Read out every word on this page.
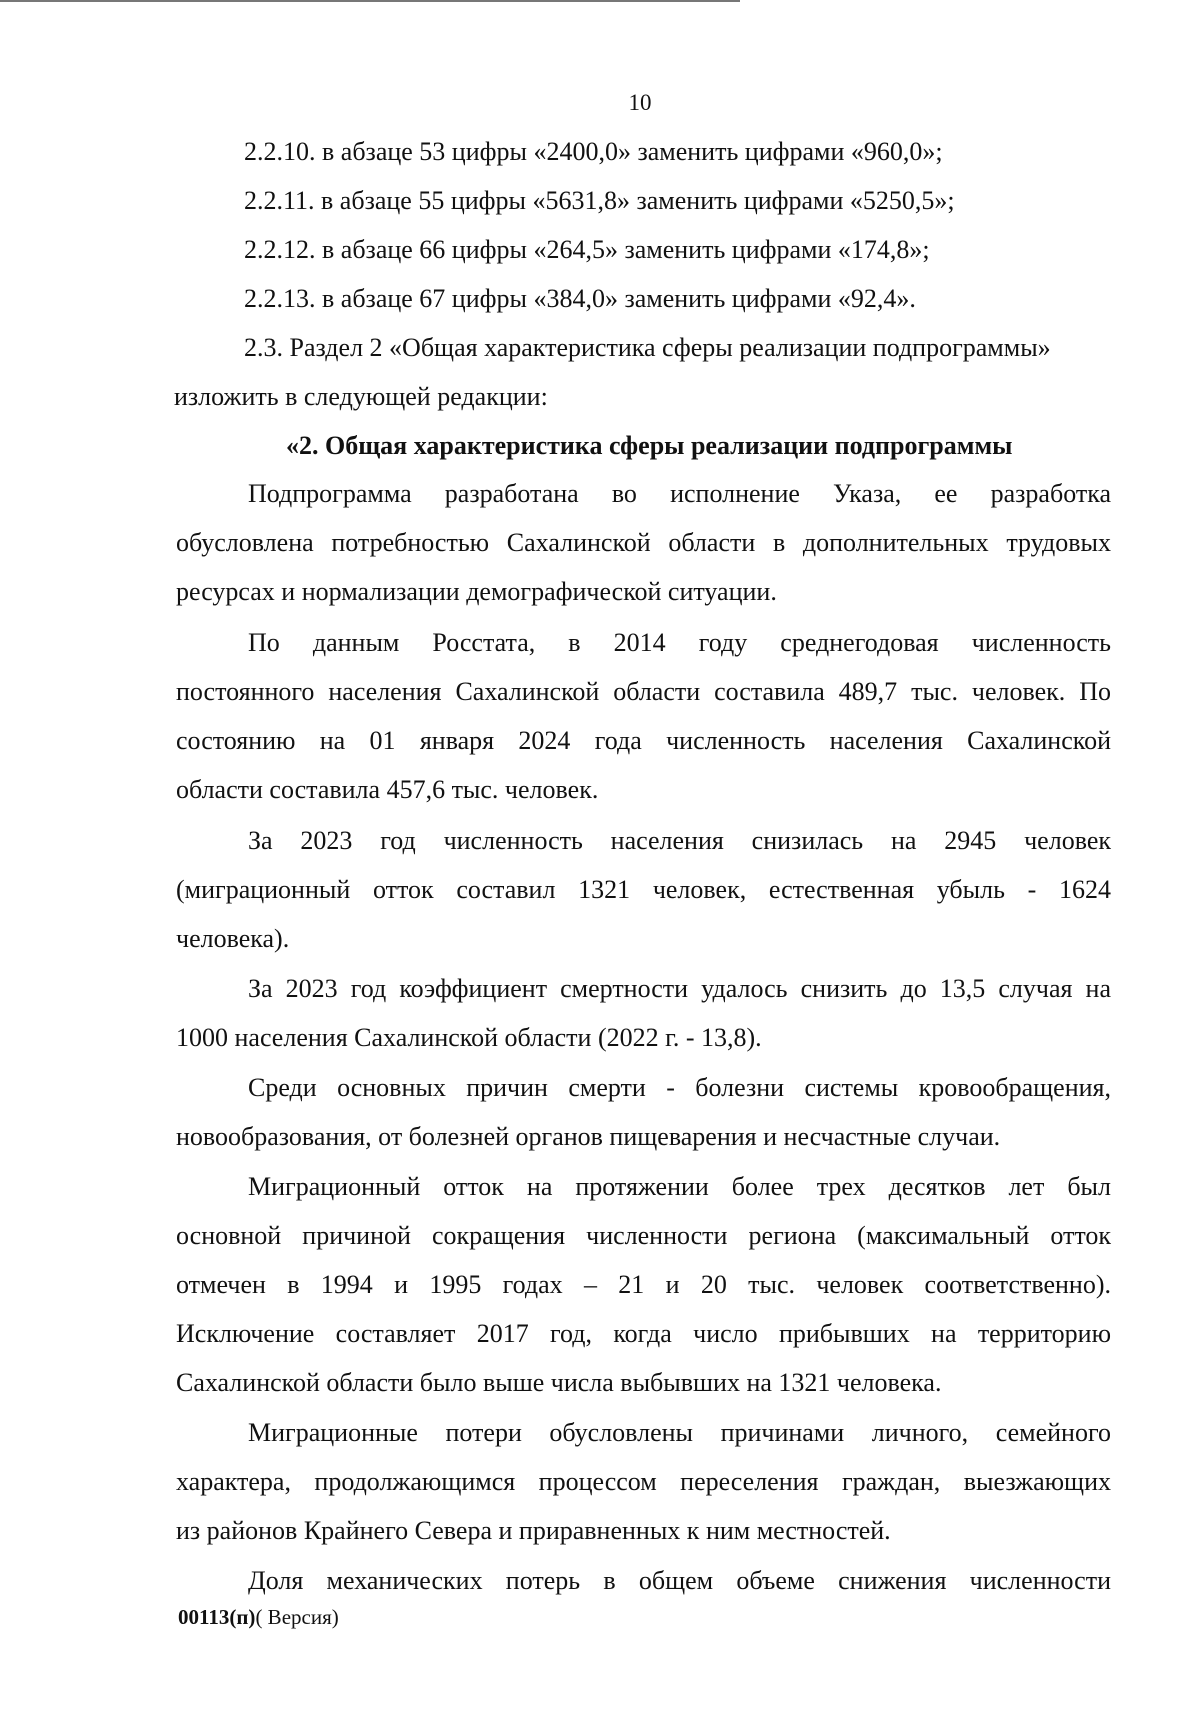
10
2.2.10. в абзаце 53 цифры «2400,0» заменить цифрами «960,0»;
2.2.11. в абзаце 55 цифры «5631,8» заменить цифрами «5250,5»;
2.2.12. в абзаце 66 цифры «264,5» заменить цифрами «174,8»;
2.2.13. в абзаце 67 цифры «384,0» заменить цифрами «92,4».
2.3. Раздел 2 «Общая характеристика сферы реализации подпрограммы»
изложить в следующей редакции:
«2. Общая характеристика сферы реализации подпрограммы
Подпрограмма разработана во исполнение Указа, ее разработка
обусловлена потребностью Сахалинской области в дополнительных трудовых
ресурсах и нормализации демографической ситуации.
По данным Росстата, в 2014 году среднегодовая численность
постоянного населения Сахалинской области составила 489,7 тыс. человек. По
состоянию на 01 января 2024 года численность населения Сахалинской
области составила 457,6 тыс. человек.
За 2023 год численность населения снизилась на 2945 человек
(миграционный отток составил 1321 человек, естественная убыль - 1624
человека).
За 2023 год коэффициент смертности удалось снизить до 13,5 случая на
1000 населения Сахалинской области (2022 г. - 13,8).
Среди основных причин смерти - болезни системы кровообращения,
новообразования, от болезней органов пищеварения и несчастные случаи.
Миграционный отток на протяжении более трех десятков лет был
основной причиной сокращения численности региона (максимальный отток
отмечен в 1994 и 1995 годах – 21 и 20 тыс. человек соответственно).
Исключение составляет 2017 год, когда число прибывших на территорию
Сахалинской области было выше числа выбывших на 1321 человека.
Миграционные потери обусловлены причинами личного, семейного
характера, продолжающимся процессом переселения граждан, выезжающих
из районов Крайнего Севера и приравненных к ним местностей.
Доля механических потерь в общем объеме снижения численности
00113(п)( Версия)
